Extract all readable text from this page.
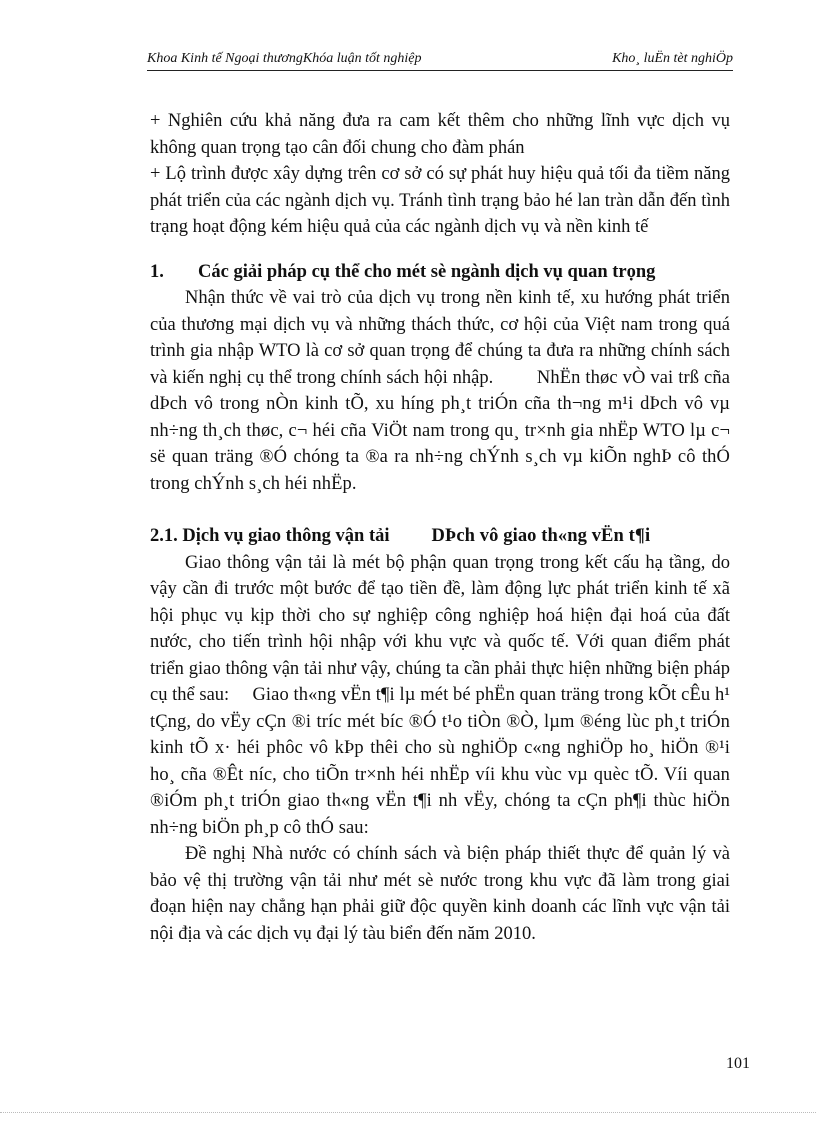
Khoa Kinh tế Ngoại thươngKhóa luận tốt nghiệp	Kho¸ luËn tèt nghiÖp

+ Nghiên cứu khả năng đưa ra cam kết thêm cho những lĩnh vực dịch vụ không quan trọng tạo cân đối chung cho đàm phán

+ Lộ trình được xây dựng trên cơ sở có sự phát huy hiệu quả tối đa tiềm năng phát triển của các ngành dịch vụ. Tránh tình trạng bảo hé lan tràn dẫn đến tình trạng hoạt động kém hiệu quả của các ngành dịch vụ và nền kinh tế

1. Các giải pháp cụ thể cho mét sè ngành dịch vụ quan trọng

Nhận thức về vai trò của dịch vụ trong nền kinh tế, xu hướng phát triển của thương mại dịch vụ và những thách thức, cơ hội của Việt nam trong quá trình gia nhập WTO là cơ sở quan trọng để chúng ta đưa ra những chính sách và kiến nghị cụ thể trong chính sách hội nhập. NhËn thøc vÒ vai trß cña dÞch vô trong nÒn kinh tÕ, xu híng ph¸t triÓn cña th¬ng m¹i dÞch vô vµ nh÷ng th¸ch thøc, c¬ héi cña ViÖt nam trong qu¸ tr×nh gia nhËp WTO lµ c¬ së quan träng ®Ó chóng ta ®a ra nh÷ng chÝnh s¸ch vµ kiÕn nghÞ cô thÓ trong chÝnh s¸ch héi nhËp.

2.1. Dịch vụ giao thông vận tải DÞch vô giao th«ng vËn t¶i

Giao thông vận tải là mét bộ phận quan trọng trong kết cấu hạ tầng, do vậy cần đi trước một bước để tạo tiền đề, làm động lực phát triển kinh tế xã hội phục vụ kịp thời cho sự nghiệp công nghiệp hoá hiện đại hoá của đất nước, cho tiến trình hội nhập với khu vực và quốc tế. Với quan điểm phát triển giao thông vận tải như vậy, chúng ta cần phải thực hiện những biện pháp cụ thể sau: Giao th«ng vËn t¶i lµ mét bé phËn quan träng trong kÕt cÊu h¹ tÇng, do vËy cÇn ®i tríc mét bíc ®Ó t¹o tiÒn ®Ò, lµm ®éng lùc ph¸t triÓn kinh tÕ x· héi phôc vô kÞp thêi cho sù nghiÖp c«ng nghiÖp ho¸ hiÖn ®¹i ho¸ cña ®Êt níc, cho tiÕn tr×nh héi nhËp víi khu vùc vµ quèc tÕ. Víi quan ®iÓm ph¸t triÓn giao th«ng vËn t¶i nh vËy, chóng ta cÇn ph¶i thùc hiÖn nh÷ng biÖn ph¸p cô thÓ sau:

Đề nghị Nhà nước có chính sách và biện pháp thiết thực để quản lý và bảo vệ thị trường vận tải như mét sè nước trong khu vực đã làm trong giai đoạn hiện nay chẳng hạn phải giữ độc quyền kinh doanh các lĩnh vực vận tải nội địa và các dịch vụ đại lý tàu biển đến năm 2010.

101
